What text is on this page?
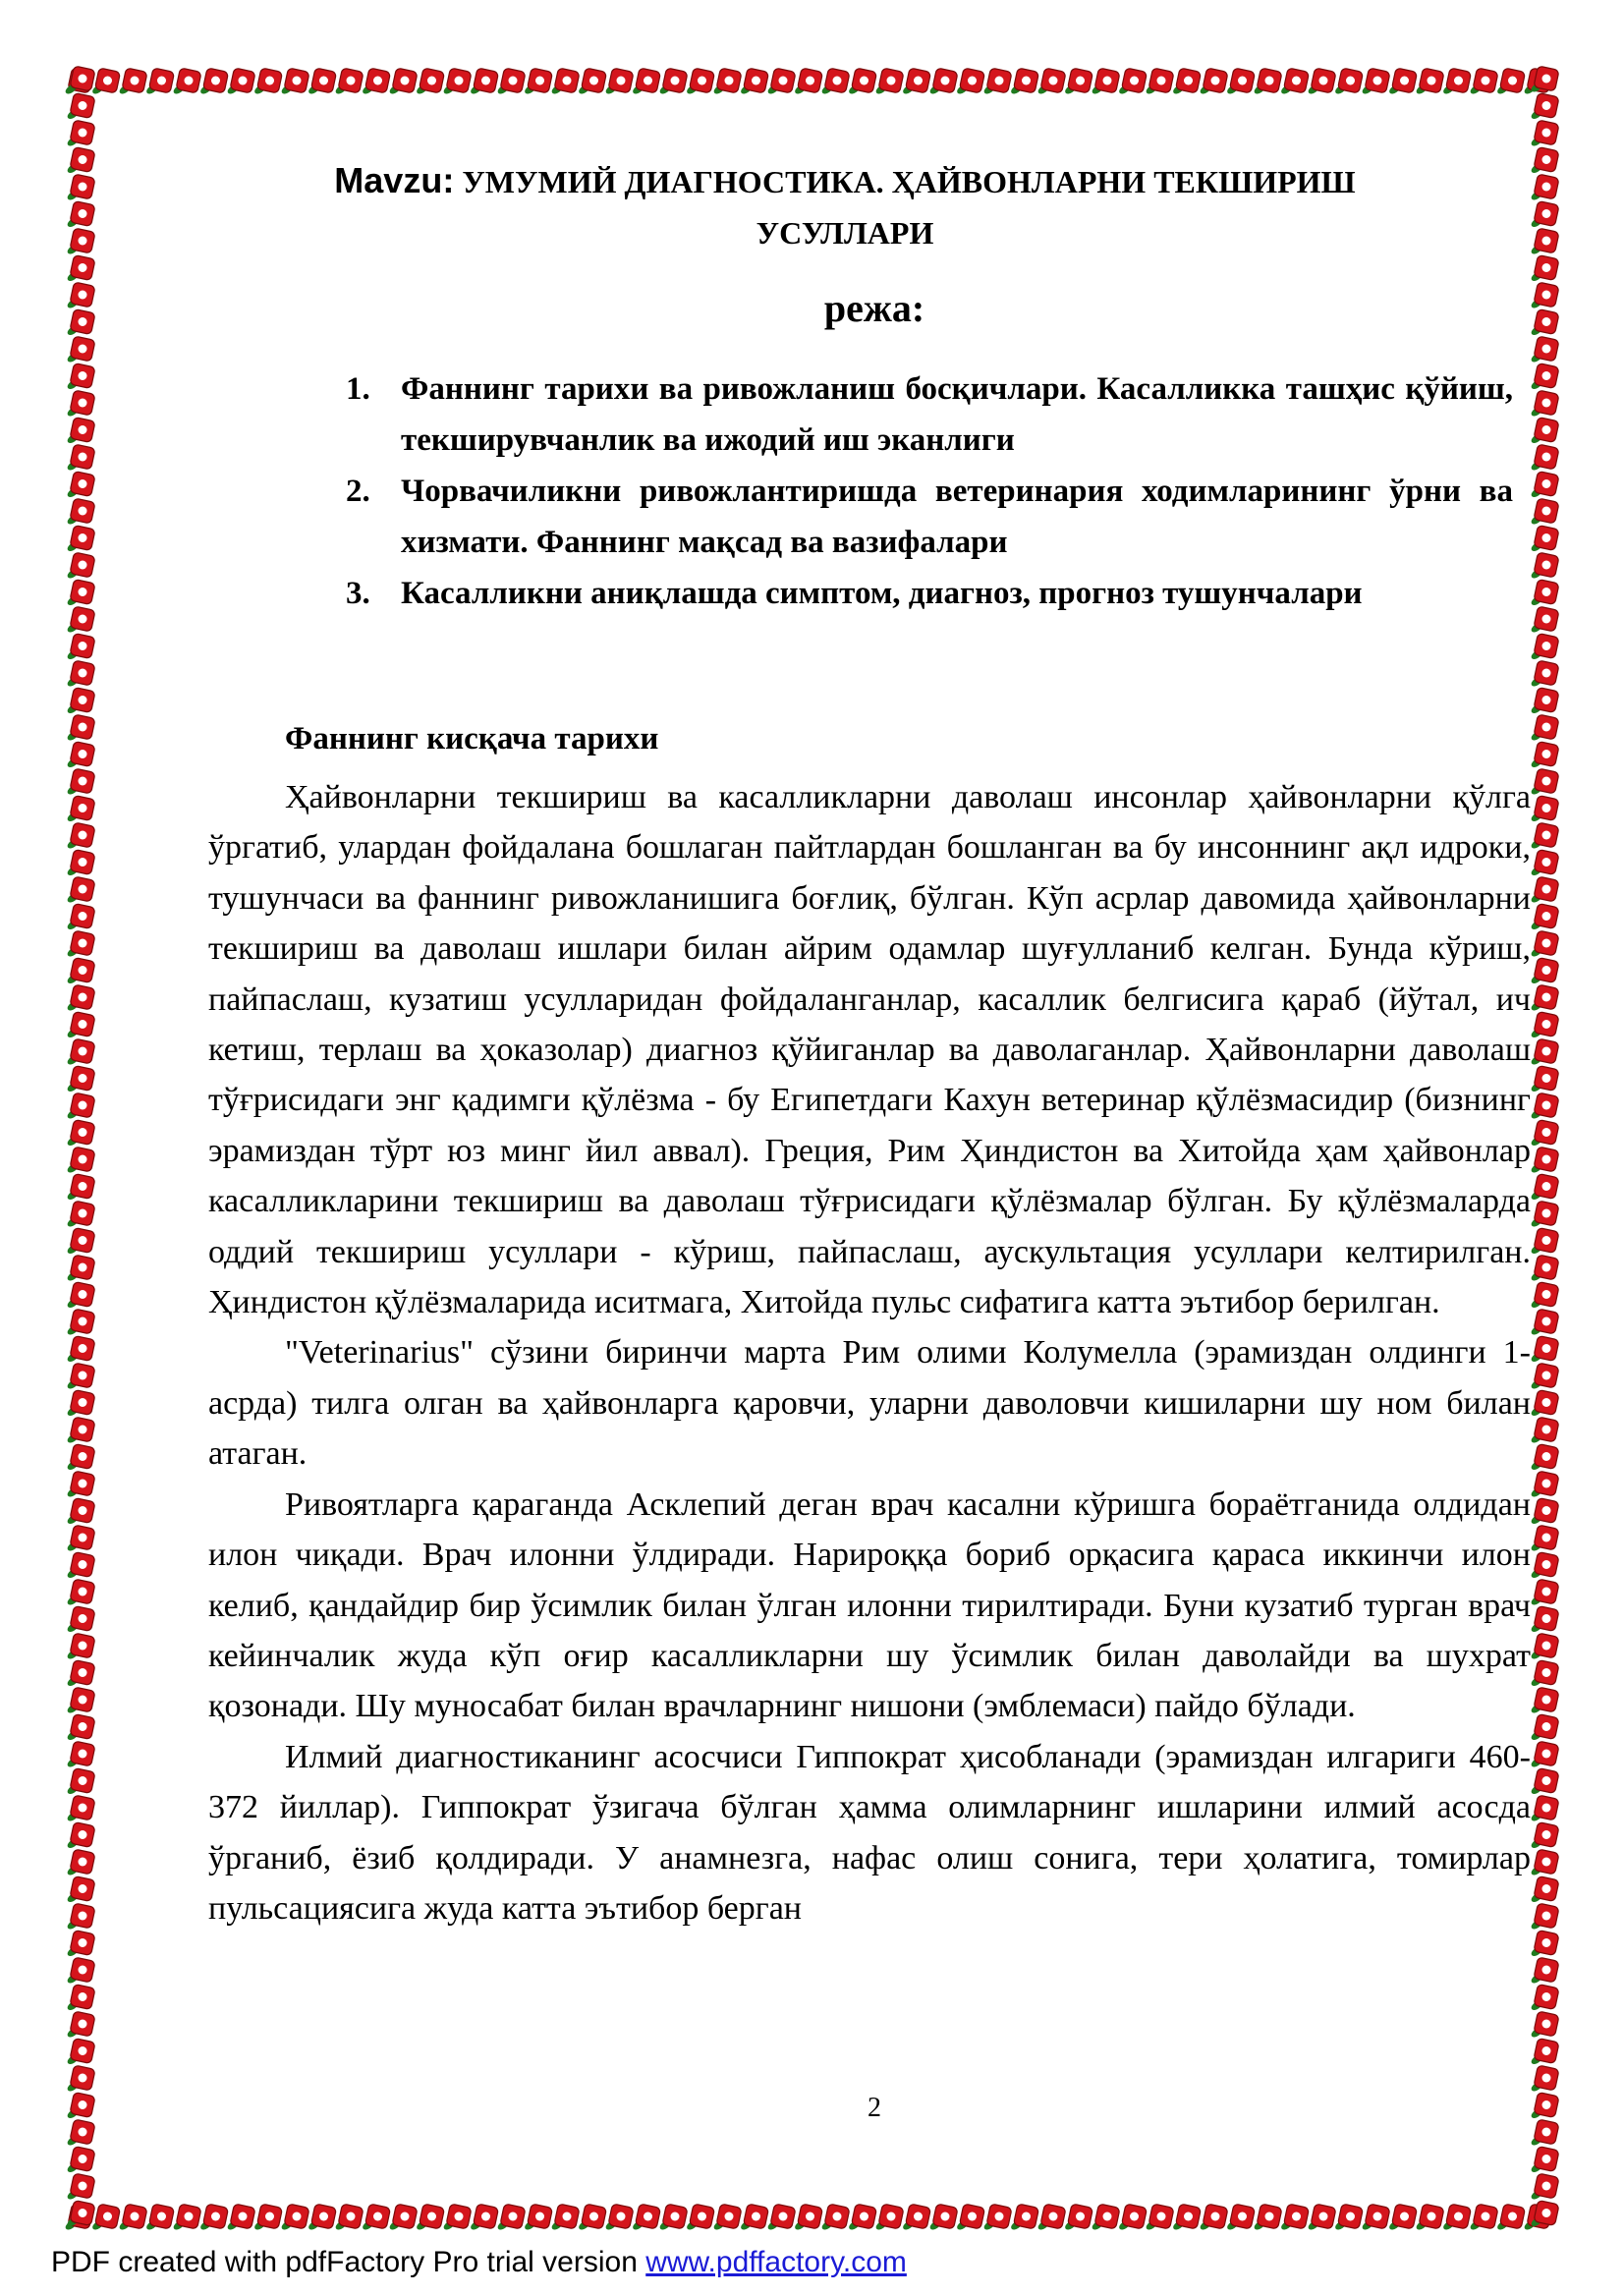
Mavzu: УМУМИЙ ДИАГНОСТИКА. ҲАЙВОНЛАРНИ ТЕКШИРИШ
УСУЛЛАРИ
режа:
1. Фаннинг тарихи ва ривожланиш босқичлари. Касалликка ташҳис қўйиш, текширувчанлик ва ижодий иш эканлиги
2. Чорвачиликни ривожлантиришда ветеринария ходимларининг ўрни ва хизмати. Фаннинг мақсад ва вазифалари
3. Касалликни аниқлашда симптом, диагноз, прогноз тушунчалари
Фаннинг кисқача тарихи

Ҳайвонларни текшириш ва касалликларни даволаш инсонлар ҳайвонларни қўлга ўргатиб, улардан фойдалана бошлаган пайтлардан бошланган ва бу инсоннинг ақл идроки, тушунчаси ва фаннинг ривожланишига боғлиқ, бўлган. Кўп асрлар давомида ҳайвонларни текшириш ва даволаш ишлари билан айрим одамлар шуғулланиб келган. Бунда кўриш, пайпаслаш, кузатиш усулларидан фойдаланганлар, касаллик белгисига қараб (йўтал, ич кетиш, терлаш ва ҳоказолар) диагноз қўйиганлар ва даволаганлар. Ҳайвонларни даволаш тўғрисидаги энг қадимги қўлёзма - бу Египетдаги Кахун ветеринар қўлёзмасидир (бизнинг эрамиздан тўрт юз минг йил аввал). Греция, Рим Ҳиндистон ва Хитойда ҳам ҳайвонлар касалликларини текшириш ва даволаш тўғрисидаги қўлёзмалар бўлган. Бу қўлёзмаларда оддий текшириш усуллари - кўриш, пайпаслаш, аускультация усуллари келтирилган. Ҳиндистон қўлёзмаларида иситмага, Хитойда пульс сифатига катта эътибор берилган.

"Veterinarius" сўзини биринчи марта Рим олими Колумелла (эрамиздан олдинги 1-асрда) тилга олган ва ҳайвонларга қаровчи, уларни даволовчи кишиларни шу ном билан атаган.

Ривоятларга қараганда Асклепий деган врач касални кўришга бораётганида олдидан илон чиқади. Врач илонни ўлдиради. Нарироққа бориб орқасига қараса иккинчи илон келиб, қандайдир бир ўсимлик билан ўлган илонни тирилтиради. Буни кузатиб турган врач кейинчалик жуда кўп оғир касалликларни шу ўсимлик билан даволайди ва шухрат қозонади. Шу муносабат билан врачларнинг нишони (эмблемаси) пайдо бўлади.

Илмий диагностиканинг асосчиси Гиппократ ҳисобланади (эрамиздан илгариги 460-372 йиллар). Гиппократ ўзигача бўлган ҳамма олимларнинг ишларини илмий асосда ўрганиб, ёзиб қолдиради. У анамнезга, нафас олиш сонига, тери ҳолатига, томирлар пульсациясига жуда катта эътибор берган

2
PDF created with pdfFactory Pro trial version www.pdffactory.com
